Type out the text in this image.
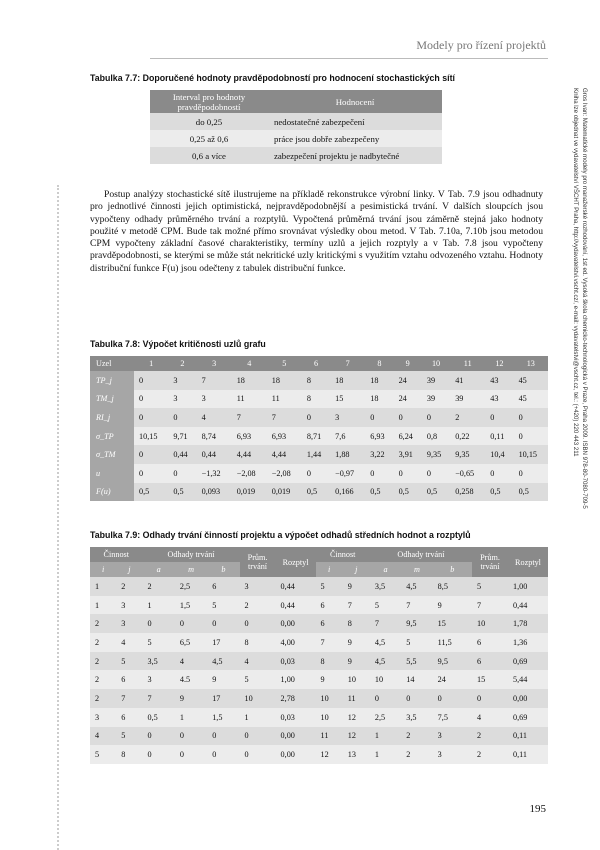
Modely pro řízení projektů
Gros Ivan: Matematické modely pro manažerské rozhodování, 1st ed. Vysoká škola chemicko-technologická v Praze, Praha 2009. ISBN 978-80-7080-709-5
Kniha lze objednat ve vydavatelství VŠCHT Praha, http://vydavatelstvi.vscht.cz/, e-mail: vydavatelstvi@vscht.cz, tel.: (+420) 220 443 211
Tabulka 7.7: Doporučené hodnoty pravděpodobností pro hodnocení stochastických sítí
Interval pro hodnoty pravděpodobností	Hodnocení
do 0,25	nedostatečné zabezpečení
0,25 až 0,6	práce jsou dobře zabezpečeny
0,6 a více	zabezpečení projektu je nadbytečné

Postup analýzy stochastické sítě ilustrujeme na příkladě rekonstrukce výrobní linky. V Tab. 7.9 jsou odhadnuty pro jednotlivé činnosti jejich optimistická, nejpravděpodobnější a pesimistická trvání. V dalších sloupcích jsou vypočteny odhady průměrného trvání a rozptylů. Vypočtená průměrná trvání jsou záměrně stejná jako hodnoty použité v metodě CPM. Bude tak možné přímo srovnávat výsledky obou metod. V Tab. 7.10a, 7.10b jsou metodou CPM vypočteny základní časové charakteristiky, termíny uzlů a jejich rozptyly a v Tab. 7.8 jsou vypočteny pravděpodobnosti, se kterými se může stát nekritické uzly kritickými s využitím vztahu odvozeného vztahu. Hodnoty distribuční funkce F(u) jsou odečteny z tabulek distribuční funkce.

Tabulka 7.8: Výpočet kritičnosti uzlů grafu
Uzel	1	2	3	4	5	6	7	8	9	10	11	12	13
TP_j	0	3	7	18	18	8	18	18	24	39	41	43	45
TM_j	0	3	3	11	11	8	15	18	24	39	39	43	45
RI_j	0	0	4	7	7	0	3	0	0	0	2	0	0
σ_TP	10,15	9,71	8,74	6,93	6,93	8,71	7,6	6,93	6,24	0,8	0,22	0,11	0
σ_TM	0	0,44	0,44	4,44	4,44	1,44	1,88	3,22	3,91	9,35	9,35	10,4	10,15
u	0	0	−1,32	−2,08	−2,08	0	−0,97	0	0	0	−0,65	0	0
F(u)	0,5	0,5	0,093	0,019	0,019	0,5	0,166	0,5	0,5	0,5	0,258	0,5	0,5
Tabulka 7.9: Odhady trvání činností projektu a výpočet odhadů středních hodnot a rozptylů
Činnost		Odhady trvání			Prům. trvání	Rozptyl	Činnost		Odhady trvání			Prům. trvání	Rozptyl
i	j	a	m	b			i	j	a	m	b		
1	2	2	2,5	6	3	0,44	5	9	3,5	4,5	8,5	5	1,00
1	3	1	1,5	5	2	0,44	6	7	5	7	9	7	0,44
2	3	0	0	0	0	0,00	6	8	7	9,5	15	10	1,78
2	4	5	6,5	17	8	4,00	7	9	4,5	5	11,5	6	1,36
2	5	3,5	4	4,5	4	0,03	8	9	4,5	5,5	9,5	6	0,69
2	6	3	4.5	9	5	1,00	9	10	10	14	24	15	5,44
2	7	7	9	17	10	2,78	10	11	0	0	0	0	0,00
3	6	0,5	1	1,5	1	0,03	10	12	2,5	3,5	7,5	4	0,69
4	5	0	0	0	0	0,00	11	12	1	2	3	2	0,11
5	8	0	0	0	0	0,00	12	13	1	2	3	2	0,11
195
